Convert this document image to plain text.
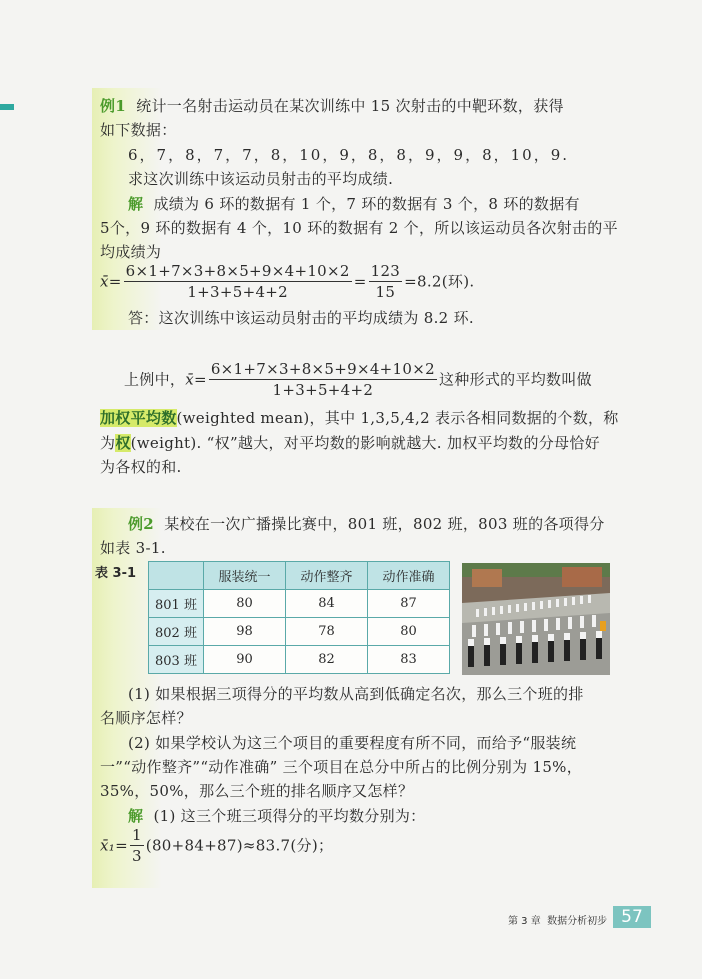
例1 统计一名射击运动员在某次训练中 15 次射击的中靶环数，获得
如下数据：
6，7，8，7，7，8，10，9，8，8，9，9，8，10，9.
求这次训练中该运动员射击的平均成绩.
解 成绩为 6 环的数据有 1 个，7 环的数据有 3 个，8 环的数据有
5个，9 环的数据有 4 个，10 环的数据有 2 个，所以该运动员各次射击的平
均成绩为
x̄= $\frac{6\times 1+7\times 3+8\times 5+9\times 4+10\times 2}{1+3+5+4+2} = \frac{123}{15} =8.2$(环).
答：这次训练中该运动员射击的平均成绩为 8.2 环.
上例中，x̄= $\frac{6\times 1+7\times 3+8\times 5+9\times 4+10\times 2}{1+3+5+4+2}$ 这种形式的平均数叫做
加权平均数(weighted mean)，其中 1,3,5,4,2 表示各相同数据的个数，称
为权(weight). “权”越大，对平均数的影响就越大. 加权平均数的分母恰好
为各权的和.
例2 某校在一次广播操比赛中，801 班，802 班，803 班的各项得分
如表 3-1.
表 3-1
		服装统一	动作整齐	动作准确
801 班	80	84	87
802 班	98	78	80
803 班	90	82	83
(1) 如果根据三项得分的平均数从高到低确定名次，那么三个班的排
名顺序怎样？
(2) 如果学校认为这三个项目的重要程度有所不同，而给予“服装统
一”“动作整齐”“动作准确” 三个项目在总分中所占的比例分别为 15%，
35%，50%，那么三个班的排名顺序又怎样？
解 (1) 这三个班三项得分的平均数分别为：
x̄₁= $\frac{1}{3} (80+84+87)\approx 83.7$(分)；
第 3 章 数据分析初步 57
